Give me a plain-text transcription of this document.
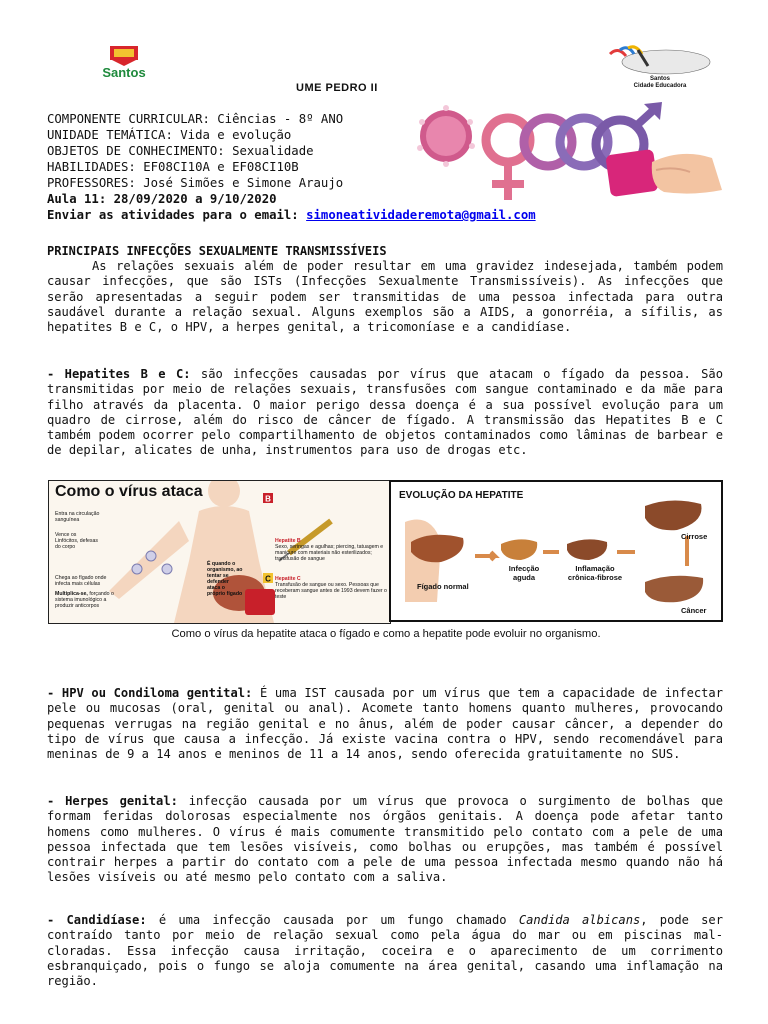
Santos
UME PEDRO II
Santos
Cidade Educadora
COMPONENTE CURRICULAR: Ciências - 8º ANO
UNIDADE TEMÁTICA: Vida e evolução
OBJETOS DE CONHECIMENTO: Sexualidade
HABILIDADES: EF08CI10A e EF08CI10B
PROFESSORES: José Simões e Simone Araujo
Aula 11: 28/09/2020 a 9/10/2020
Enviar as atividades para o email: simoneatividaderemota@gmail.com
PRINCIPAIS INFECÇÕES SEXUALMENTE TRANSMISSÍVEIS
As relações sexuais além de poder resultar em uma gravidez indesejada, também podem causar infecções, que são ISTs (Infecções Sexualmente Transmissíveis). As infecções que serão apresentadas a seguir podem ser transmitidas de uma pessoa infectada para outra saudável durante a relação sexual. Alguns exemplos são a AIDS, a gonorréia, a sífilis, as hepatites B e C, o HPV, a herpes genital, a tricomoníase e a candidíase.
- Hepatites B e C: são infecções causadas por vírus que atacam o fígado da pessoa. São transmitidas por meio de relações sexuais, transfusões com sangue contaminado e da mãe para filho através da placenta. O maior perigo dessa doença é a sua possível evolução para um quadro de cirrose, além do risco de câncer de fígado. A transmissão das Hepatites B e C também podem ocorrer pelo compartilhamento de objetos contaminados como lâminas de barbear e de depilar, alicates de unha, instrumentos para uso de drogas etc.
B
C
Como o vírus ataca
Entra na circulação sanguínea
Vence os Linfócitos, defesas do corpo
Chega ao fígado onde infecta mais células
Multiplica-se, forçando o sistema imunológico a produzir anticorpos
É quando o organismo, ao tentar se defender ataca o próprio fígado
Hepatite B
Sexo, seringas e agulhas; piercing, tatuagem e manicure com materiais não esterilizados; transfusão de sangue
Hepatite C
Transfusão de sangue ou sexo. Pessoas que receberam sangue antes de 1993 devem fazer o teste
EVOLUÇÃO DA HEPATITE
Fígado normal
Infecção aguda
Inflamação crônica-fibrose
Cirrose
Câncer
Como o vírus da hepatite ataca o fígado e como a hepatite pode evoluir no organismo.
- HPV ou Condiloma gentital: É uma IST causada por um vírus que tem a capacidade de infectar pele ou mucosas (oral, genital ou anal). Acomete tanto homens quanto mulheres, provocando pequenas verrugas na região genital e no ânus, além de poder causar câncer, a depender do tipo de vírus que causa a infecção. Já existe vacina contra o HPV, sendo recomendável para meninas de 9 a 14 anos e meninos de 11 a 14 anos, sendo oferecida gratuitamente no SUS.
- Herpes genital: infecção causada por um vírus que provoca o surgimento de bolhas que formam feridas dolorosas especialmente nos órgãos genitais. A doença pode afetar tanto homens como mulheres. O vírus é mais comumente transmitido pelo contato com a pele de uma pessoa infectada que tem lesões visíveis, como bolhas ou erupções, mas também é possível contrair herpes a partir do contato com a pele de uma pessoa infectada mesmo quando não há lesões visíveis ou até mesmo pelo contato com a saliva.
- Candidíase: é uma infecção causada por um fungo chamado Candida albicans, pode ser contraído tanto por meio de relação sexual como pela água do mar ou em piscinas mal-cloradas. Essa infecção causa irritação, coceira e o aparecimento de um corrimento esbranquiçado, pois o fungo se aloja comumente na área genital, casando uma inflamação na região.
